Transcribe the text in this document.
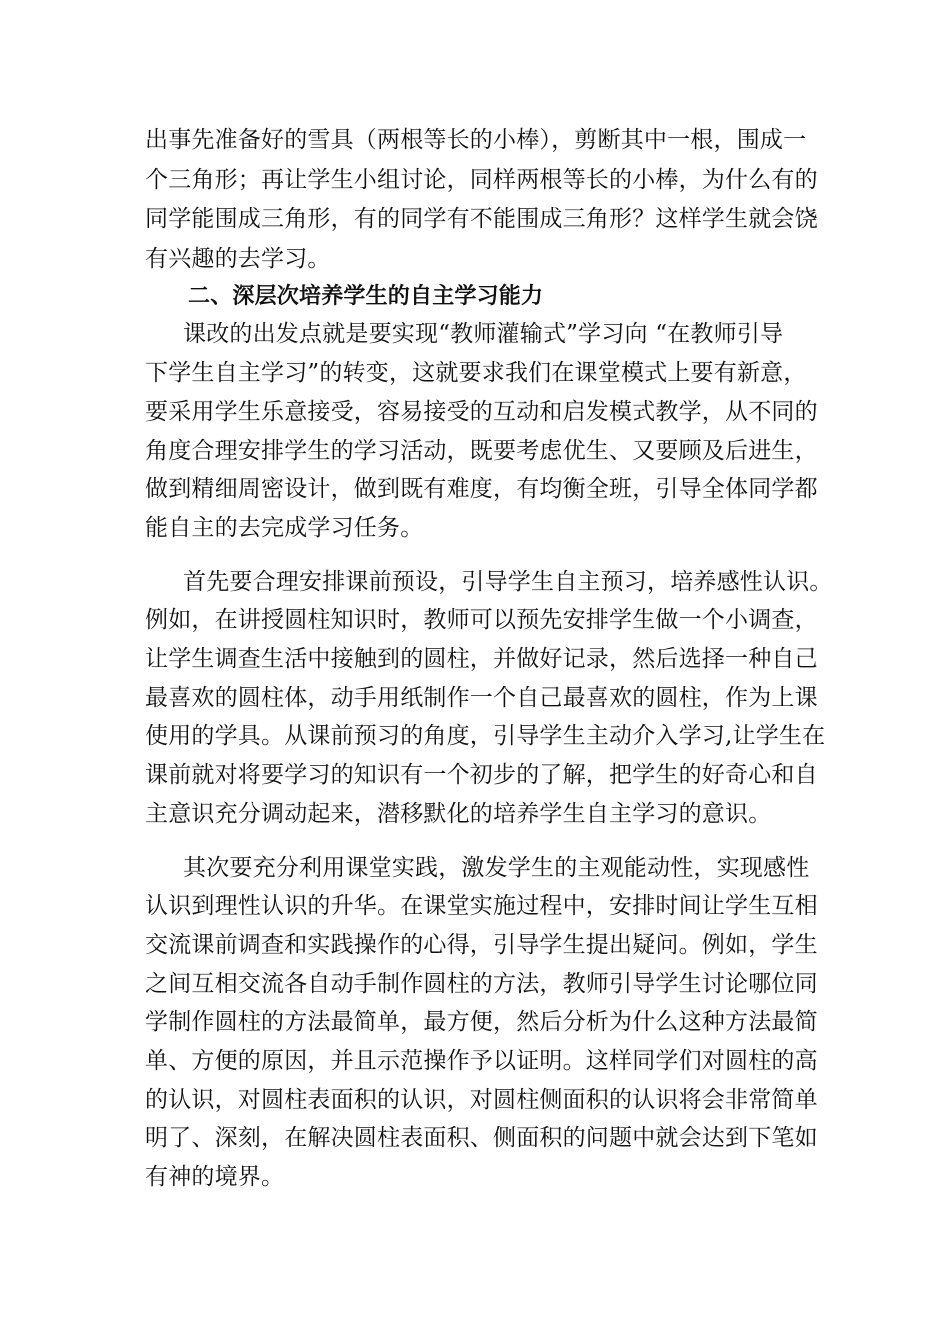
出事先准备好的雪具（两根等长的小棒），剪断其中一根，围成一
个三角形；再让学生小组讨论，同样两根等长的小棒，为什么有的
同学能围成三角形，有的同学有不能围成三角形？这样学生就会饶
有兴趣的去学习。
二、深层次培养学生的自主学习能力
课改的出发点就是要实现“教师灌输式”学习向 “在教师引导
下学生自主学习”的转变，这就要求我们在课堂模式上要有新意，
要采用学生乐意接受，容易接受的互动和启发模式教学，从不同的
角度合理安排学生的学习活动，既要考虑优生、又要顾及后进生，
做到精细周密设计，做到既有难度，有均衡全班，引导全体同学都
能自主的去完成学习任务。
首先要合理安排课前预设，引导学生自主预习，培养感性认识。
例如，在讲授圆柱知识时，教师可以预先安排学生做一个小调查，
让学生调查生活中接触到的圆柱，并做好记录，然后选择一种自己
最喜欢的圆柱体，动手用纸制作一个自己最喜欢的圆柱，作为上课
使用的学具。从课前预习的角度，引导学生主动介入学习,让学生在
课前就对将要学习的知识有一个初步的了解，把学生的好奇心和自
主意识充分调动起来，潜移默化的培养学生自主学习的意识。
其次要充分利用课堂实践，激发学生的主观能动性，实现感性
认识到理性认识的升华。在课堂实施过程中，安排时间让学生互相
交流课前调查和实践操作的心得，引导学生提出疑问。例如，学生
之间互相交流各自动手制作圆柱的方法，教师引导学生讨论哪位同
学制作圆柱的方法最简单，最方便，然后分析为什么这种方法最简
单、方便的原因，并且示范操作予以证明。这样同学们对圆柱的高
的认识，对圆柱表面积的认识，对圆柱侧面积的认识将会非常简单
明了、深刻，在解决圆柱表面积、侧面积的问题中就会达到下笔如
有神的境界。
